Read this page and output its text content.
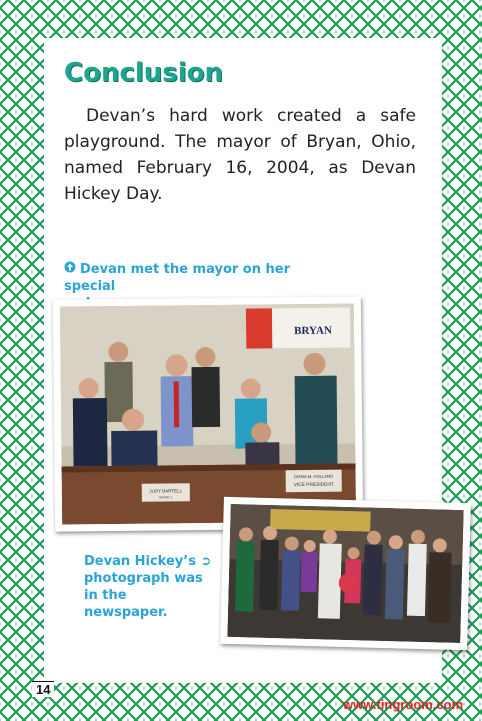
Conclusion

Devan’s hard work created a safe playground. The mayor of Bryan, Ohio, named February 16, 2004, as Devan Hickey Day.

Devan met the mayor on her special
BRYAN
JUDY BARTELL
WARD 1
DIANA M. HOLLAND
VICE PRESIDENT
Devan Hickey’s ➲ photograph was in the newspaper.
14
www.tingroom.com
